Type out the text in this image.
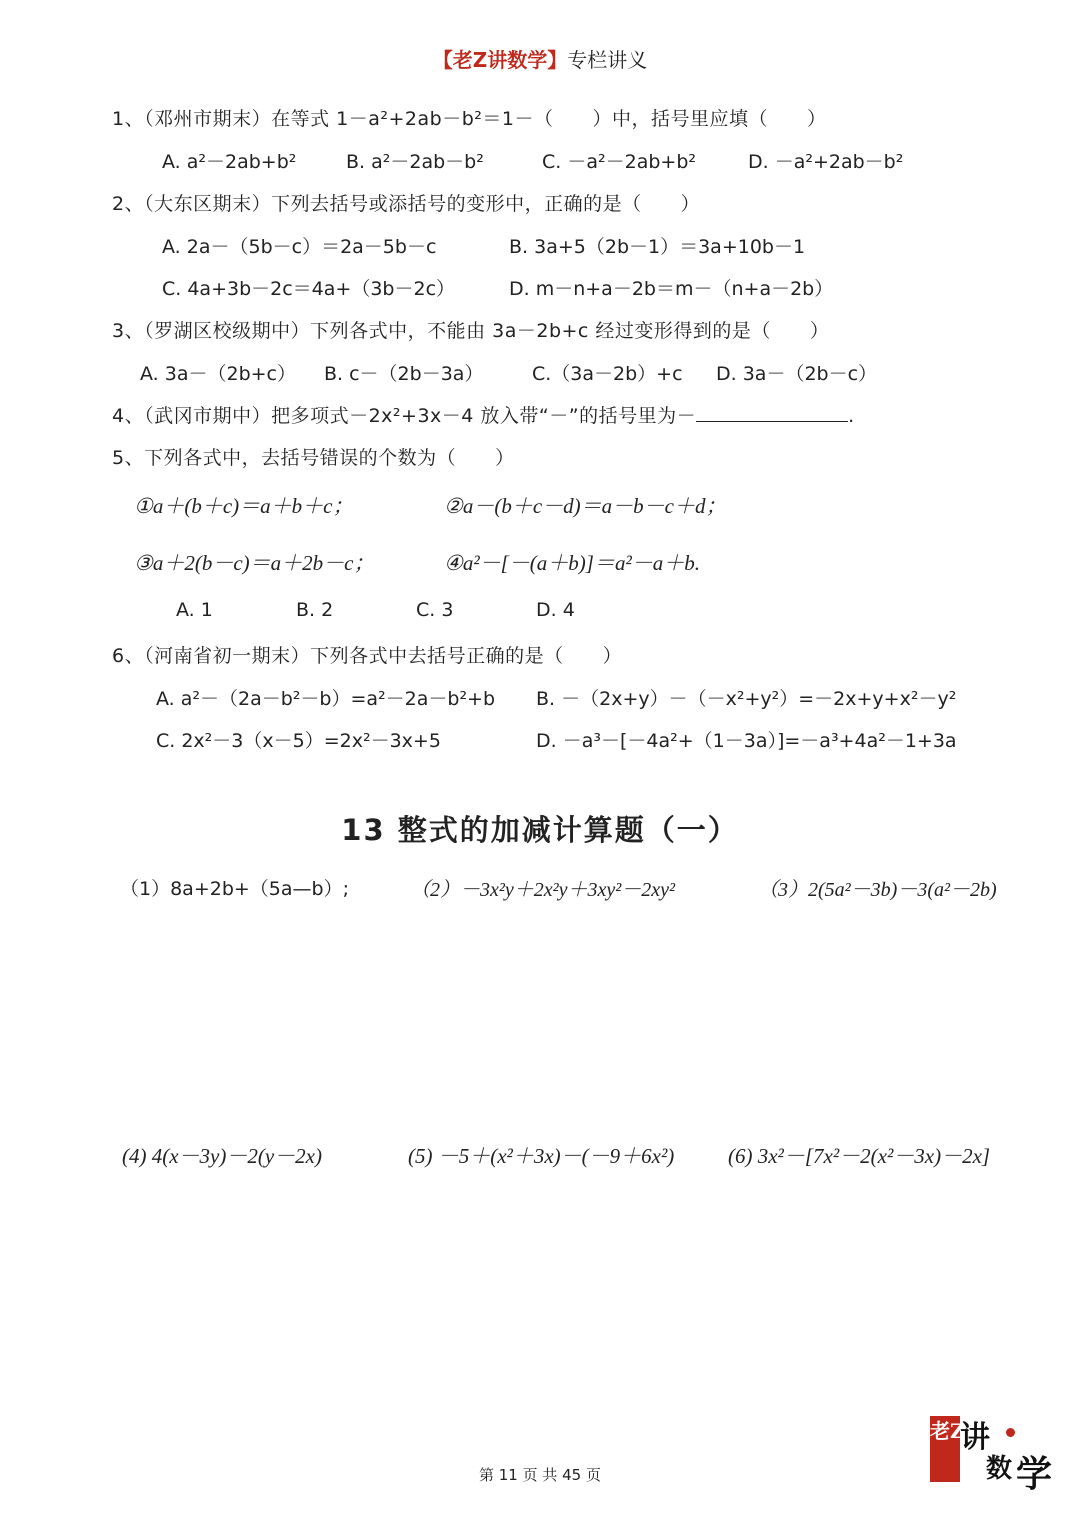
【老Z讲数学】专栏讲义
1、（邓州市期末）在等式 1－a²+2ab－b²＝1－（　　）中，括号里应填（　　）
A. a²－2ab+b²	B. a²－2ab－b²	C. －a²－2ab+b²	D. －a²+2ab－b²
2、（大东区期末）下列去括号或添括号的变形中，正确的是（　　）
A. 2a－（5b－c）＝2a－5b－c	B. 3a+5（2b－1）＝3a+10b－1
C. 4a+3b－2c＝4a+（3b－2c）	D. m－n+a－2b＝m－（n+a－2b）
3、（罗湖区校级期中）下列各式中，不能由 3a－2b+c 经过变形得到的是（　　）
A. 3a－（2b+c） B. c－（2b－3a）	C.（3a－2b）+c D. 3a－（2b－c）
4、（武冈市期中）把多项式－2x²+3x－4 放入带“－”的括号里为－	.
5、下列各式中，去括号错误的个数为（　　）
①a＋(b＋c)＝a＋b＋c；	②a－(b＋c－d)＝a－b－c＋d；
③a＋2(b－c)＝a＋2b－c；	④a²－[－(a＋b)]＝a²－a＋b.
A. 1	B. 2	C. 3	D. 4
6、（河南省初一期末）下列各式中去括号正确的是（　　）
A. a²－（2a－b²－b）=a²－2a－b²+b B. －（2x+y）－（－x²+y²）=－2x+y+x²－y²
C. 2x²－3（x－5）=2x²－3x+5	D. －a³－[－4a²+（1－3a）]=－a³+4a²－1+3a
13 整式的加减计算题（一）
（1）8a+2b+（5a—b）;	（2）－3x²y＋2x²y＋3xy²－2xy²	（3）2(5a²－3b)－3(a²－2b)
(4) 4(x－3y)－2(y－2x)	(5) －5＋(x²＋3x)－(－9＋6x²)	(6) 3x²－[7x²－2(x²－3x)－2x]
老Z
讲
数 学
第 11 页 共 45 页
